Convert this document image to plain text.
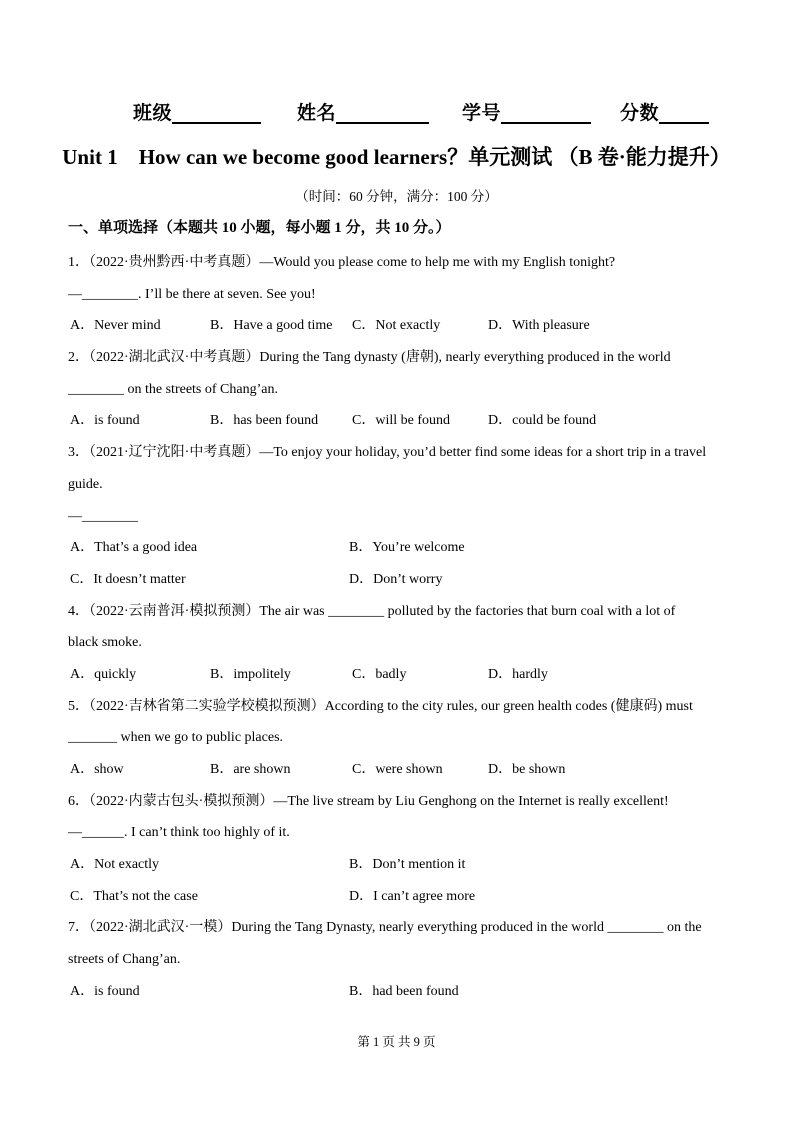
班级	姓名	学号	分数
Unit 1　How can we become good learners？单元测试 （B 卷·能力提升）
（时间：60 分钟，满分：100 分）
一、单项选择（本题共 10 小题，每小题 1 分，共 10 分。）
1．（2022·贵州黔西·中考真题）—Would you please come to help me with my English tonight?
—________. I’ll be there at seven. See you!
A．Never mind	B．Have a good time C．Not exactly	D．With pleasure
2．（2022·湖北武汉·中考真题）During the Tang dynasty (唐朝), nearly everything produced in the world
________ on the streets of Chang’an.
A．is found	B．has been found C．will be found	D．could be found
3．（2021·辽宁沈阳·中考真题）—To enjoy your holiday, you’d better find some ideas for a short trip in a travel
guide.
—________
A．That’s a good idea	B．You’re welcome
C．It doesn’t matter	D．Don’t worry
4．（2022·云南普洱·模拟预测）The air was ________ polluted by the factories that burn coal with a lot of
black smoke.
A．quickly	B．impolitely	C．badly	D．hardly
5．（2022·吉林省第二实验学校模拟预测）According to the city rules, our green health codes (健康码) must
_______ when we go to public places.
A．show	B．are shown	C．were shown	D．be shown
6．（2022·内蒙古包头·模拟预测）—The live stream by Liu Genghong on the Internet is really excellent!
—______. I can’t think too highly of it.
A．Not exactly	B．Don’t mention it
C．That’s not the case	D．I can’t agree more
7．（2022·湖北武汉·一模）During the Tang Dynasty, nearly everything produced in the world ________ on the
streets of Chang’an.
A．is found	B．had been found
第 1 页 共 9 页
